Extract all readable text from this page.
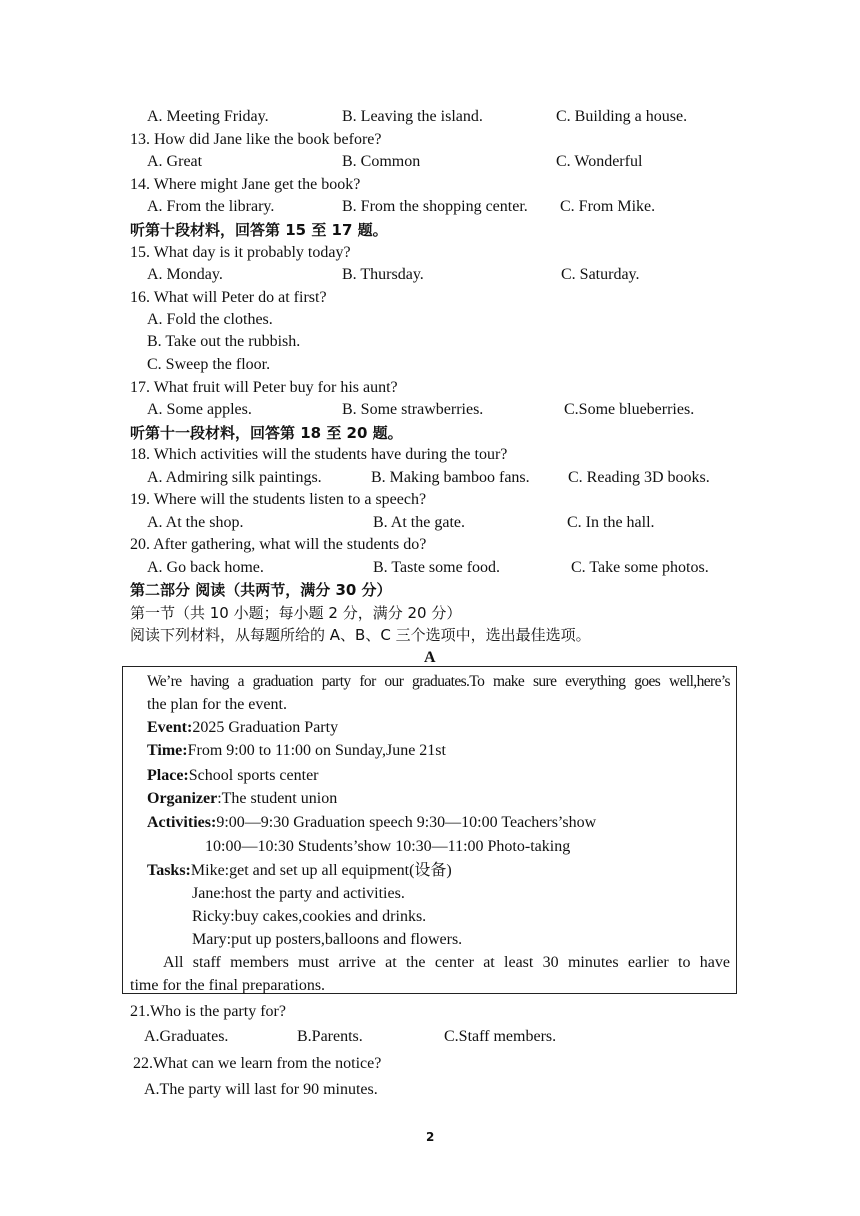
A. Meeting Friday.	B. Leaving the island.	C. Building a house.
13. How did Jane like the book before?
A. Great	B. Common	C. Wonderful
14. Where might Jane get the book?
A. From the library.	B. From the shopping center. C. From Mike.
听第十段材料，回答第 15 至 17 题。
15. What day is it probably today?
A. Monday.	B. Thursday.	C. Saturday.
16. What will Peter do at first?
A. Fold the clothes.
B. Take out the rubbish.
C. Sweep the floor.
17. What fruit will Peter buy for his aunt?
A. Some apples.	B. Some strawberries.	C.Some blueberries.
听第十一段材料，回答第 18 至 20 题。
18. Which activities will the students have during the tour?
A. Admiring silk paintings.	B. Making bamboo fans. C. Reading 3D books.
19. Where will the students listen to a speech?
A. At the shop.	B. At the gate.	C. In the hall.
20. After gathering, what will the students do?
A. Go back home.	B. Taste some food.	C. Take some photos.
第二部分 阅读（共两节，满分 30 分）
第一节（共 10 小题；每小题 2 分，满分 20 分）
阅读下列材料，从每题所给的 A、B、C 三个选项中，选出最佳选项。
A
We’re having a graduation party for our graduates.To make sure everything goes well,here’s
the plan for the event.
Event:2025 Graduation Party
Time:From 9:00 to 11:00 on Sunday,June 21st
Place:School sports center
Organizer:The student union
Activities:9:00—9:30 Graduation speech 9:30—10:00 Teachers’show
10:00—10:30 Students’show 10:30—11:00 Photo-taking
Tasks:Mike:get and set up all equipment(设备)
Jane:host the party and activities.
Ricky:buy cakes,cookies and drinks.
Mary:put up posters,balloons and flowers.
All staff members must arrive at the center at least 30 minutes earlier to have
time for the final preparations.
21.Who is the party for?
A.Graduates.	B.Parents.	C.Staff members.
22.What can we learn from the notice?
A.The party will last for 90 minutes.
2
